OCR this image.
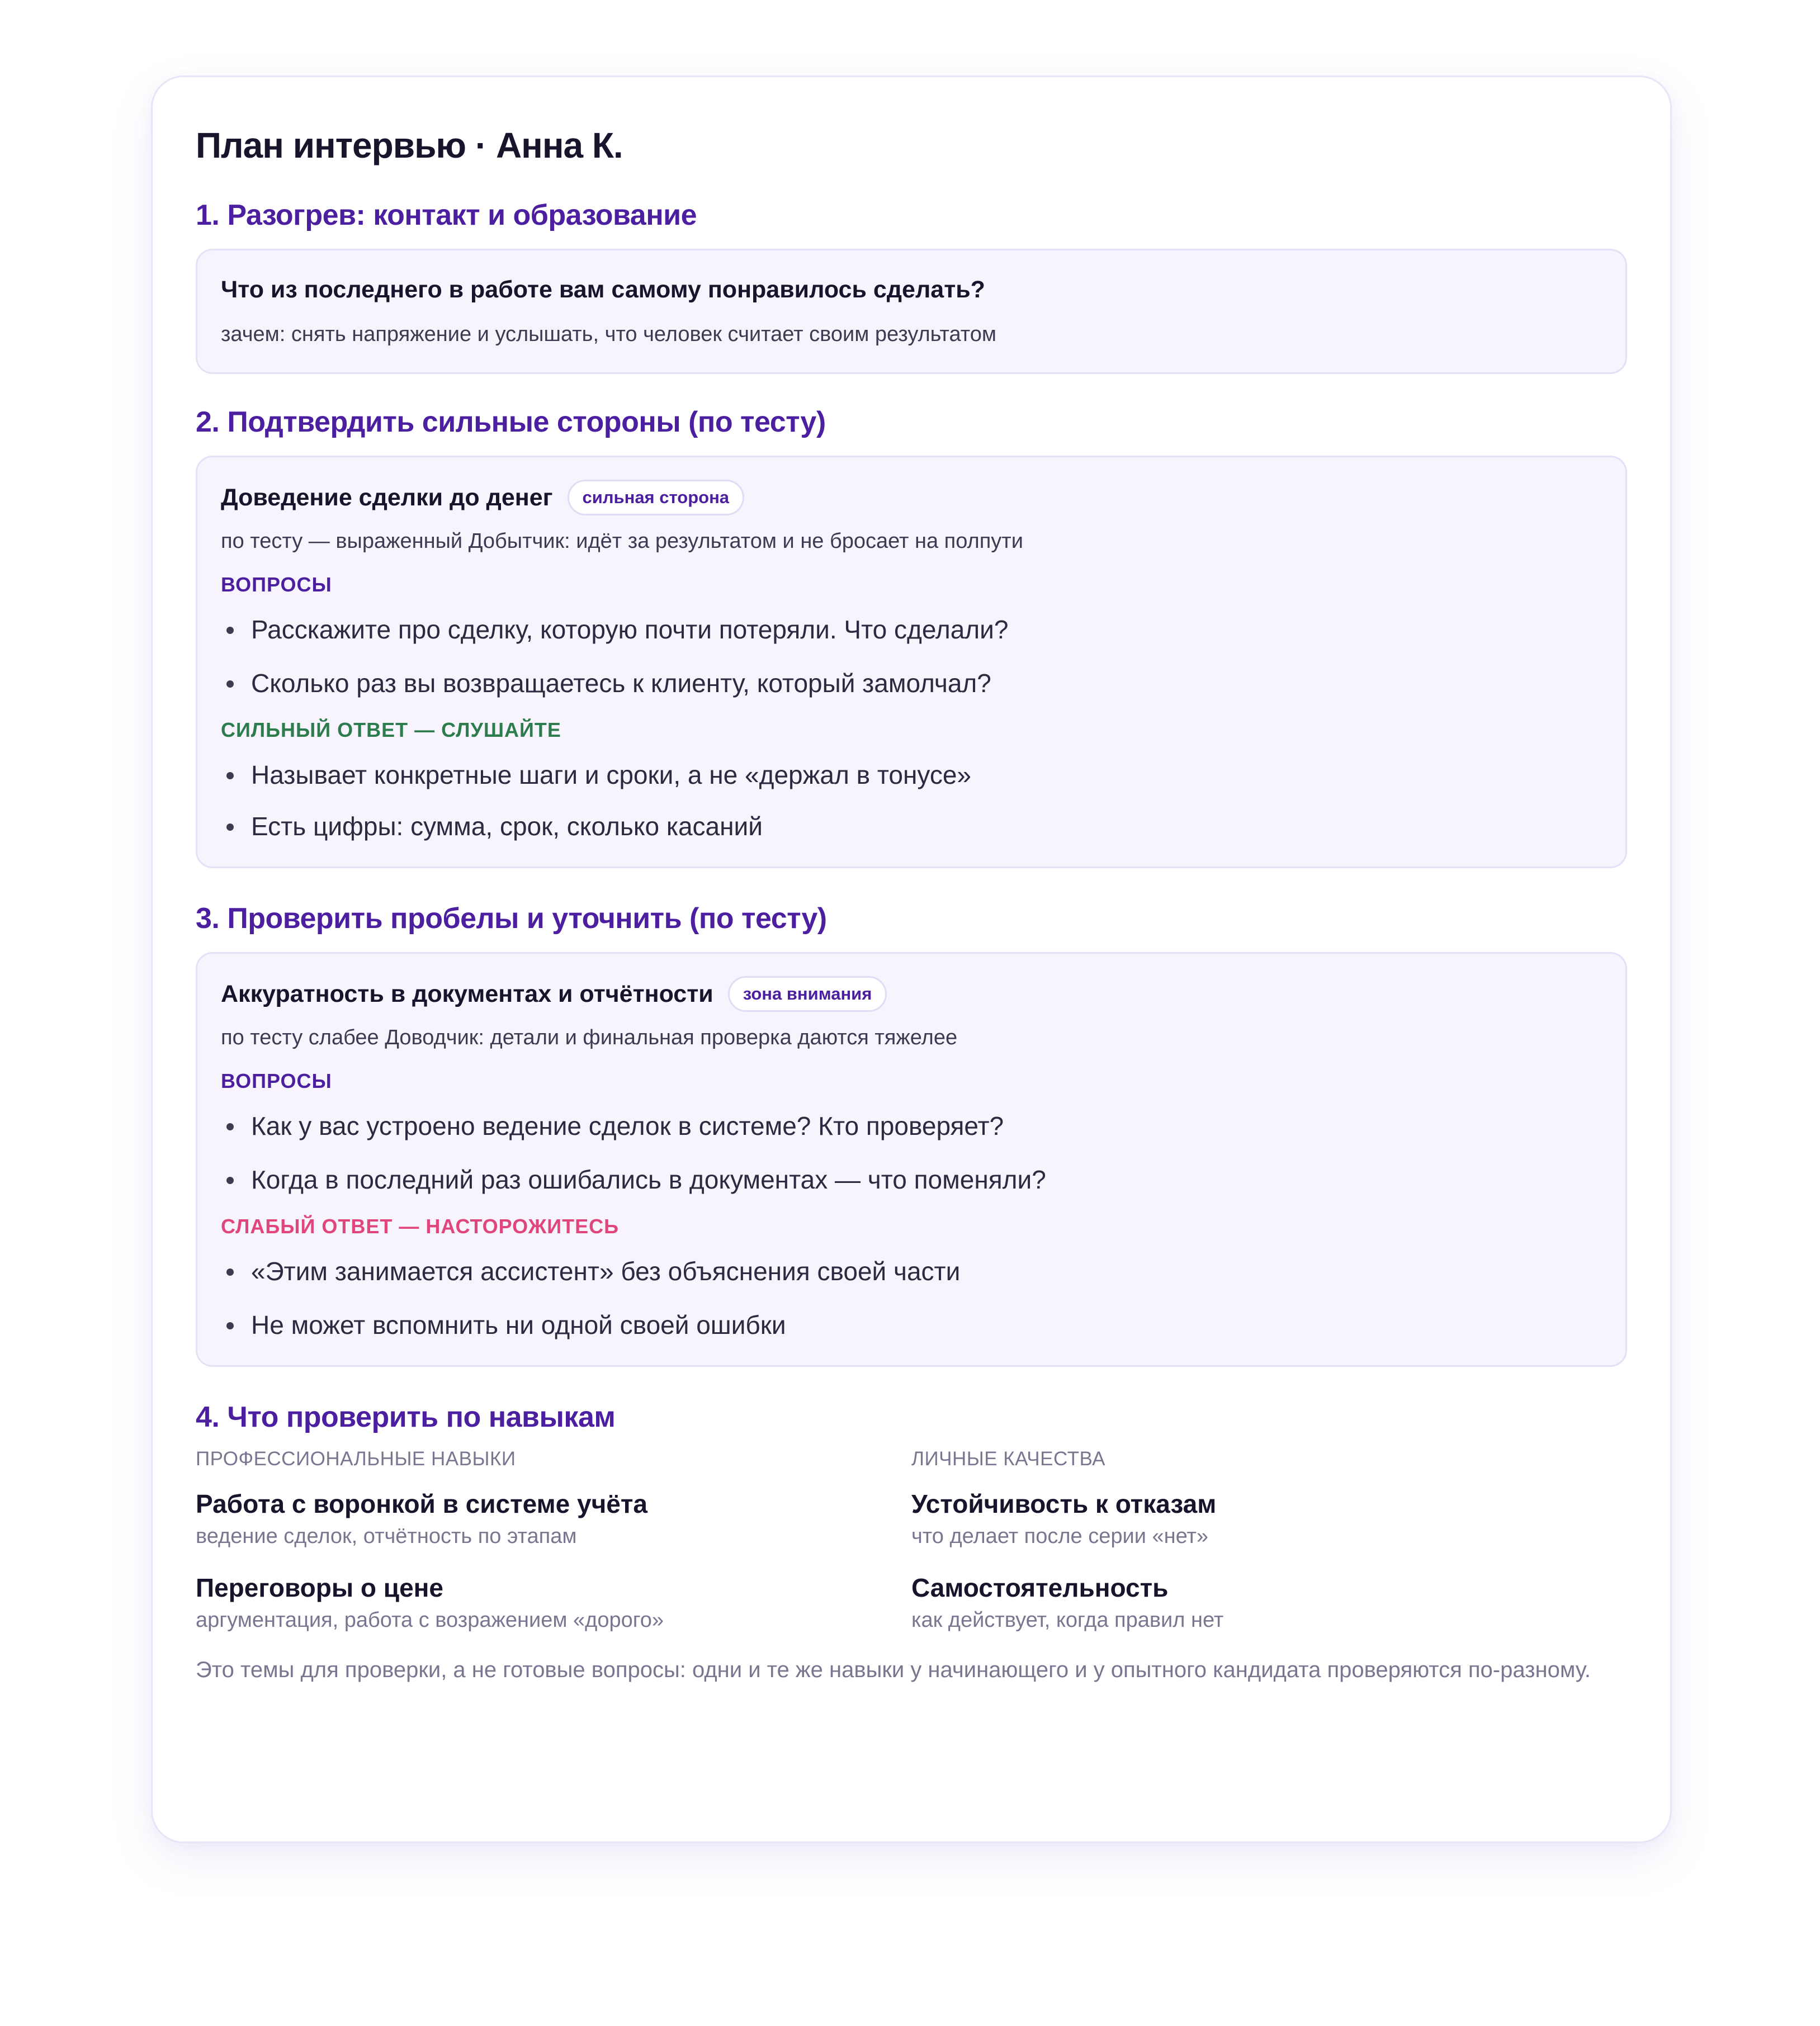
План интервью · Анна К.
1. Разогрев: контакт и образование
Что из последнего в работе вам самому понравилось сделать?
зачем: снять напряжение и услышать, что человек считает своим результатом
2. Подтвердить сильные стороны (по тесту)
Доведение сделки до денег	сильная сторона
по тесту — выраженный Добытчик: идёт за результатом и не бросает на полпути
ВОПРОСЫ
Расскажите про сделку, которую почти потеряли. Что сделали?
Сколько раз вы возвращаетесь к клиенту, который замолчал?
СИЛЬНЫЙ ОТВЕТ — СЛУШАЙТЕ
Называет конкретные шаги и сроки, а не «держал в тонусе»
Есть цифры: сумма, срок, сколько касаний
3. Проверить пробелы и уточнить (по тесту)
Аккуратность в документах и отчётности	зона внимания
по тесту слабее Доводчик: детали и финальная проверка даются тяжелее
ВОПРОСЫ
Как у вас устроено ведение сделок в системе? Кто проверяет?
Когда в последний раз ошибались в документах — что поменяли?
СЛАБЫЙ ОТВЕТ — НАСТОРОЖИТЕСЬ
«Этим занимается ассистент» без объяснения своей части
Не может вспомнить ни одной своей ошибки
4. Что проверить по навыкам
ПРОФЕССИОНАЛЬНЫЕ НАВЫКИ
Работа с воронкой в системе учёта
ведение сделок, отчётность по этапам
Переговоры о цене
аргументация, работа с возражением «дорого»
ЛИЧНЫЕ КАЧЕСТВА
Устойчивость к отказам
что делает после серии «нет»
Самостоятельность
как действует, когда правил нет
Это темы для проверки, а не готовые вопросы: одни и те же навыки у начинающего и у опытного кандидата проверяются по-разному.
